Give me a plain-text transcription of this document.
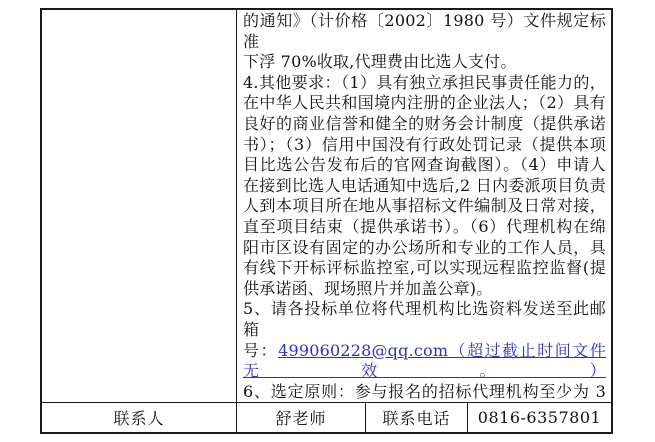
的通知》（计价格〔2002〕1980 号）文件规定标准
下浮 70%收取,代理费由比选人支付。
4.其他要求：（1）具有独立承担民事责任能力的，
在中华人民共和国境内注册的企业法人；（2）具有
良好的商业信誉和健全的财务会计制度（提供承诺
书）；（3）信用中国没有行政处罚记录（提供本项
目比选公告发布后的官网查询截图）。（4）申请人
在接到比选人电话通知中选后,2 日内委派项目负责
人到本项目所在地从事招标文件编制及日常对接，
直至项目结束（提供承诺书）。（6）代理机构在绵
阳市区设有固定的办公场所和专业的工作人员，具
有线下开标评标监控室,可以实现远程监控监督(提
供承诺函、现场照片并加盖公章)。
5、请各投标单位将代理机构比选资料发送至此邮箱
号：499060228@qq.com（超过截止时间文件无效。）
6、选定原则：参与报名的招标代理机构至少为 3
联系人	舒老师	联系电话	0816-6357801
